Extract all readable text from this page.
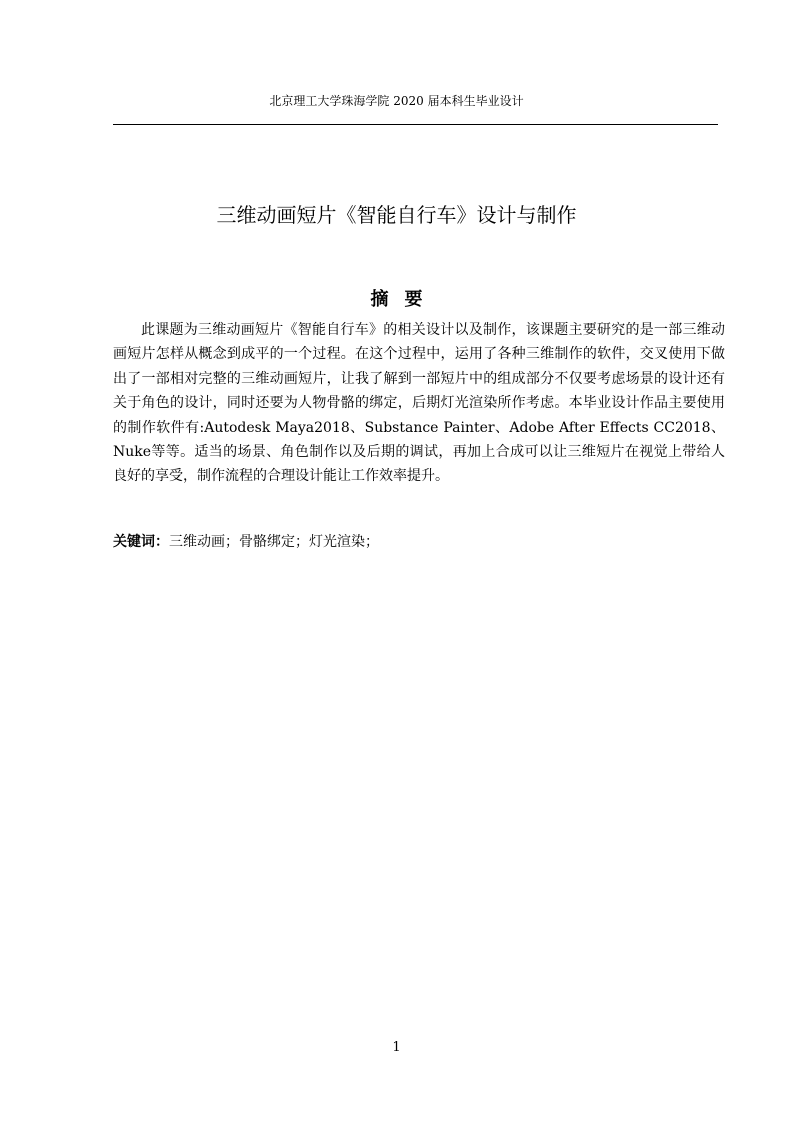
北京理工大学珠海学院 2020 届本科生毕业设计
三维动画短片《智能自行车》设计与制作
摘要

此课题为三维动画短片《智能自行车》的相关设计以及制作，该课题主要研究的是一部三维动画短片怎样从概念到成平的一个过程。在这个过程中，运用了各种三维制作的软件，交叉使用下做出了一部相对完整的三维动画短片，让我了解到一部短片中的组成部分不仅要考虑场景的设计还有关于角色的设计，同时还要为人物骨骼的绑定，后期灯光渲染所作考虑。本毕业设计作品主要使用的制作软件有:Autodesk Maya2018、Substance Painter、Adobe After Effects CC2018、Nuke等等。适当的场景、角色制作以及后期的调试，再加上合成可以让三维短片在视觉上带给人良好的享受，制作流程的合理设计能让工作效率提升。

关键词：三维动画；骨骼绑定；灯光渲染；
1
